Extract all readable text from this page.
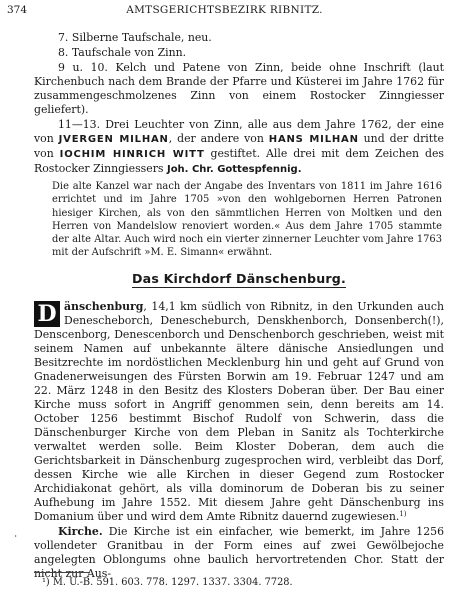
374	AMTSGERICHTSBEZIRK RIBNITZ.

7. Silberne Taufschale, neu.

8. Taufschale von Zinn.

9 u. 10. Kelch und Patene von Zinn, beide ohne Inschrift (laut Kirchenbuch nach dem Brande der Pfarre und Küsterei im Jahre 1762 für zusammengeschmolzenes Zinn von einem Rostocker Zinngiesser geliefert).

11—13. Drei Leuchter von Zinn, alle aus dem Jahre 1762, der eine von JVERGEN MILHAN, der andere von HANS MILHAN und der dritte von IOCHIM HINRICH WITT gestiftet. Alle drei mit dem Zeichen des Rostocker Zinngiessers Joh. Chr. Gottespfennig.

Die alte Kanzel war nach der Angabe des Inventars von 1811 im Jahre 1616 errichtet und im Jahre 1705 »von den wohlgebornen Herren Patronen hiesiger Kirchen, als von den sämmtlichen Herren von Moltken und den Herren von Mandelslow renoviert worden.« Aus dem Jahre 1705 stammte der alte Altar. Auch wird noch ein vierter zinnerner Leuchter vom Jahre 1763 mit der Aufschrift »M. E. Simann« erwähnt.

Das Kirchdorf Dänschenburg.

D änschenburg, 14,1 km südlich von Ribnitz, in den Urkunden auch Denescheborch, Denescheburch, Denskhenborch, Donsenberch(!), Denscenborg, Denescenborch und Denschenborch geschrieben, weist mit seinem Namen auf unbekannte ältere dänische Ansiedlungen und Besitzrechte im nordöstlichen Mecklenburg hin und geht auf Grund von Gnadenerweisungen des Fürsten Borwin am 19. Februar 1247 und am 22. März 1248 in den Besitz des Klosters Doberan über. Der Bau einer Kirche muss sofort in Angriff genommen sein, denn bereits am 14. October 1256 bestimmt Bischof Rudolf von Schwerin, dass die Dänschenburger Kirche von dem Pleban in Sanitz als Tochterkirche verwaltet werden solle. Beim Kloster Doberan, dem auch die Gerichtsbarkeit in Dänschenburg zugesprochen wird, verbleibt das Dorf, dessen Kirche wie alle Kirchen in dieser Gegend zum Rostocker Archidiakonat gehört, als villa dominorum de Doberan bis zu seiner Aufhebung im Jahre 1552. Mit diesem Jahre geht Dänschenburg ins Domanium über und wird dem Amte Ribnitz dauernd zugewiesen.$^{1)}$

Kirche. Die Kirche ist ein einfacher, wie bemerkt, im Jahre 1256 vollendeter Granitbau in der Form eines auf zwei Gewölbejoche angelegten Oblongums ohne baulich hervortretenden Chor. Statt der nicht zur Aus-

ᐧ
¹) M. U.-B. 591. 603. 778. 1297. 1337. 3304. 7728.
